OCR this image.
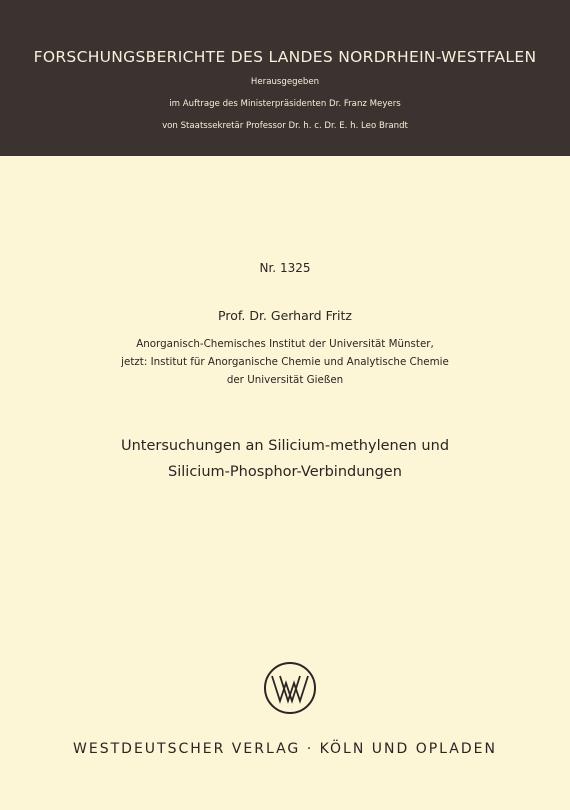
FORSCHUNGSBERICHTE DES LANDES NORDRHEIN-WESTFALEN
Herausgegeben
im Auftrage des Ministerpräsidenten Dr. Franz Meyers
von Staatssekretär Professor Dr. h. c. Dr. E. h. Leo Brandt
Nr. 1325
Prof. Dr. Gerhard Fritz
Anorganisch-Chemisches Institut der Universität Münster,
jetzt: Institut für Anorganische Chemie und Analytische Chemie
der Universität Gießen
Untersuchungen an Silicium-methylenen und
Silicium-Phosphor-Verbindungen
WESTDEUTSCHER VERLAG · KÖLN UND OPLADEN
